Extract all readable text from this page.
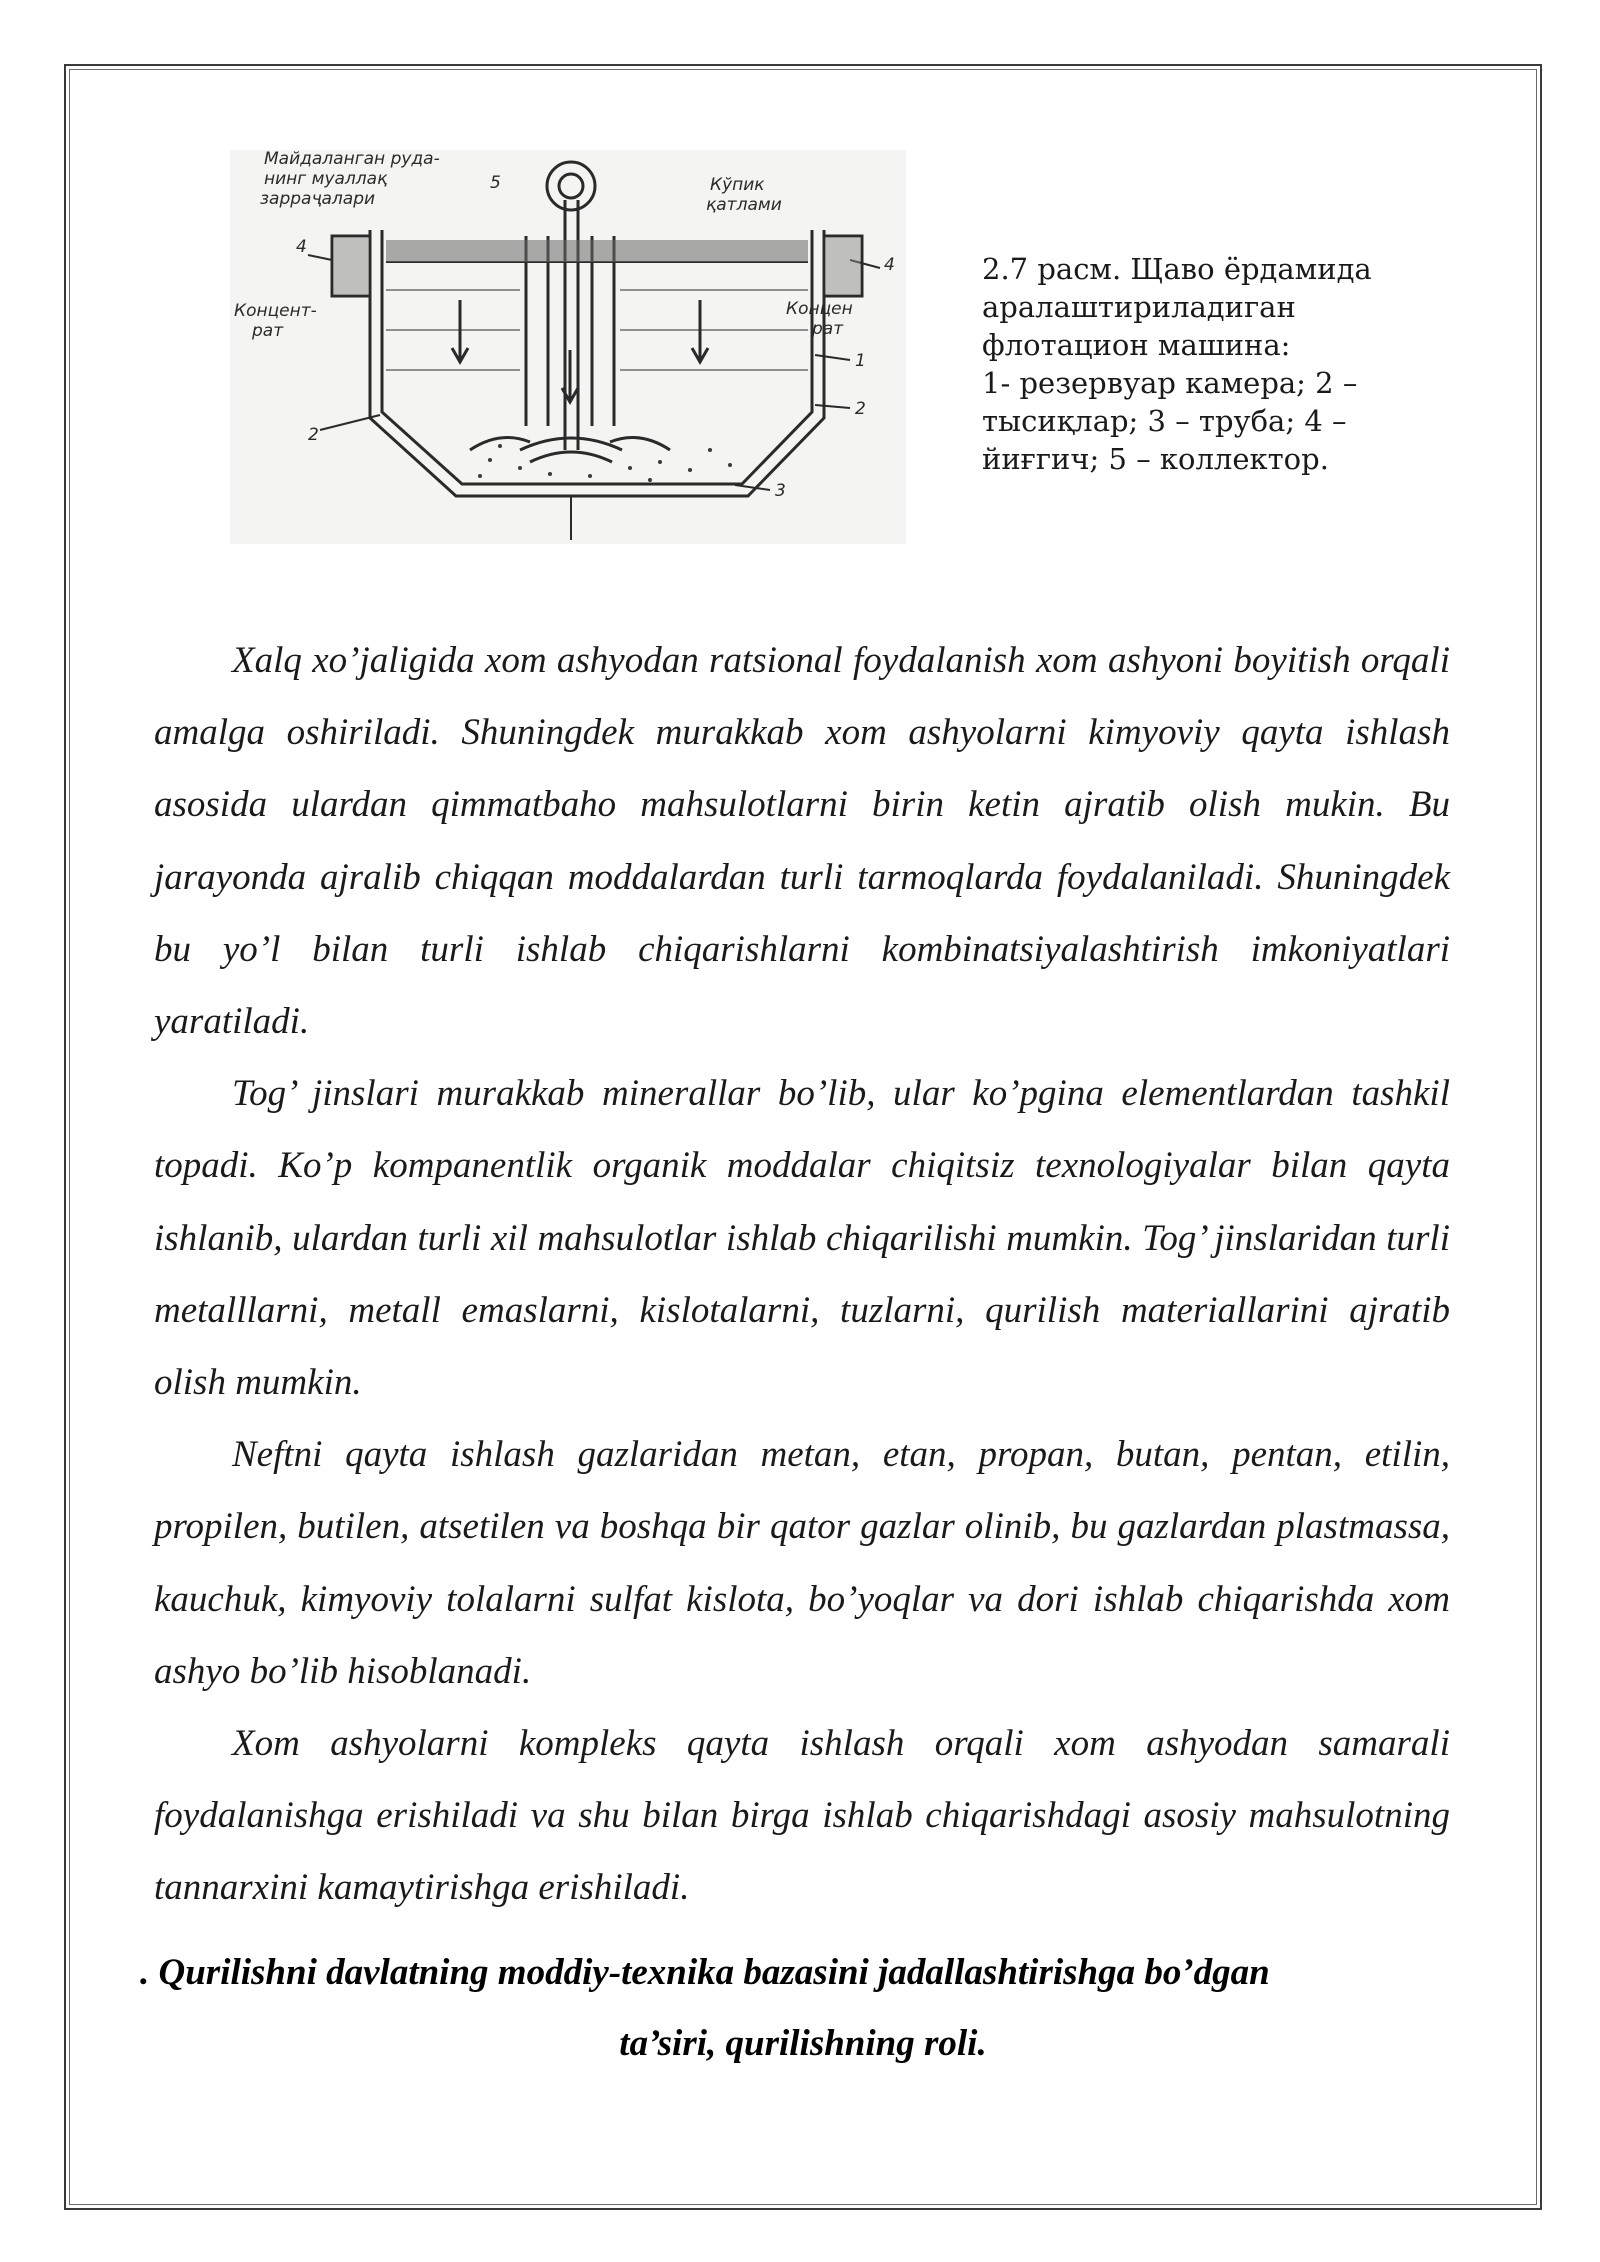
Майдаланган руда-
нинг муаллақ
зарраҷалари
Кўпик
қатлами
Концент-
рат
Концен
рат
5
4
4
1
2
2
3
2.7 расм. Щаво ёрдамида
аралаштириладиган
флотацион машина:
1- резервуар камера; 2 –
тысиқлар; 3 – труба; 4 –
йиғгич; 5 – коллектор.

Xalq xo’jaligida xom ashyodan ratsional foydalanish xom ashyoni boyitish orqali amalga oshiriladi. Shuningdek murakkab xom ashyolarni kimyoviy qayta ishlash asosida ulardan qimmatbaho mahsulotlarni birin ketin ajratib olish mukin. Bu jarayonda ajralib chiqqan moddalardan turli tarmoqlarda foydalaniladi. Shuningdek bu yo’l bilan turli ishlab chiqarishlarni kombinatsiyalashtirish imkoniyatlari yaratiladi.

Tog’ jinslari murakkab minerallar bo’lib, ular ko’pgina elementlardan tashkil topadi. Ko’p kompanentlik organik moddalar chiqitsiz texnologiyalar bilan qayta ishlanib, ulardan turli xil mahsulotlar ishlab chiqarilishi mumkin. Tog’ jinslaridan turli metalllarni, metall emaslarni, kislotalarni, tuzlarni, qurilish materiallarini ajratib olish mumkin.

Neftni qayta ishlash gazlaridan metan, etan, propan, butan, pentan, etilin, propilen, butilen, atsetilen va boshqa bir qator gazlar olinib, bu gazlardan plastmassa, kauchuk, kimyoviy tolalarni sulfat kislota, bo’yoqlar va dori ishlab chiqarishda xom ashyo bo’lib hisoblanadi.

Xom ashyolarni kompleks qayta ishlash orqali xom ashyodan samarali foydalanishga erishiladi va shu bilan birga ishlab chiqarishdagi asosiy mahsulotning tannarxini kamaytirishga erishiladi.

. Qurilishni davlatning moddiy-texnika bazasini jadallashtirishga bo’dgan
ta’siri, qurilishning roli.
